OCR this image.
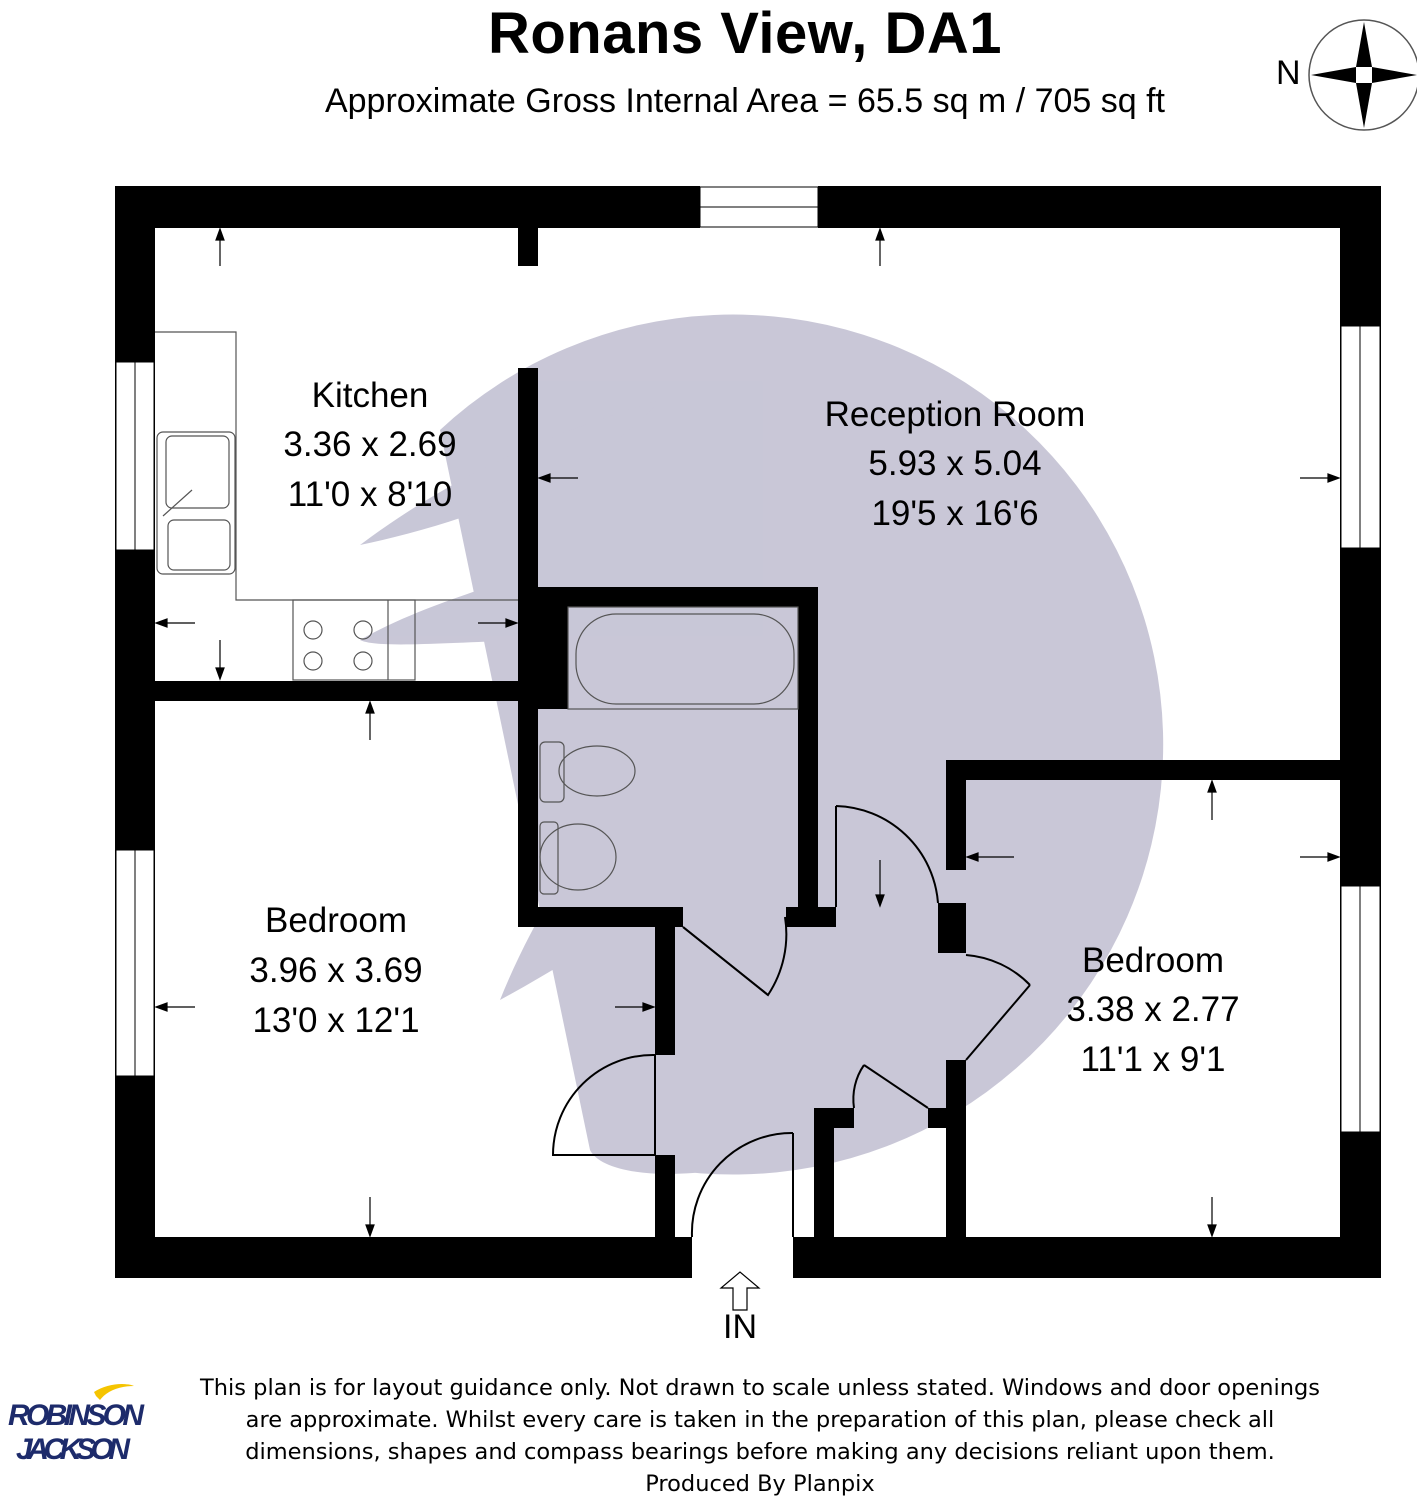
Ronans View, DA1
Approximate Gross Internal Area = 65.5 sq m / 705 sq ft
N
Kitchen
3.36 x 2.69
11'0 x 8'10
Reception Room
5.93 x 5.04
19'5 x 16'6
Bedroom
3.96 x 3.69
13'0 x 12'1
Bedroom
3.38 x 2.77
11'1 x 9'1
IN
ROBINSON
JACKSON
This plan is for layout guidance only. Not drawn to scale unless stated. Windows and door openings
are approximate. Whilst every care is taken in the preparation of this plan, please check all
dimensions, shapes and compass bearings before making any decisions reliant upon them.
Produced By Planpix
